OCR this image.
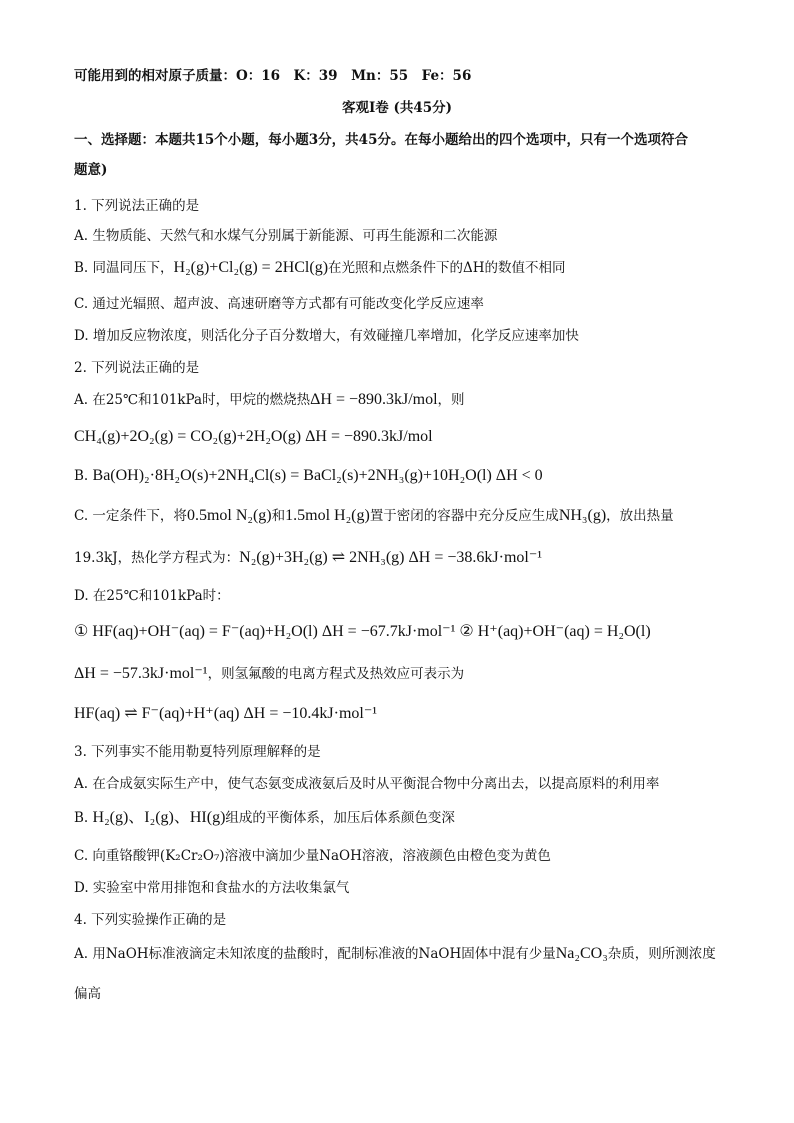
可能用到的相对原子质量：O：16　K：39　Mn：55　Fe：56
客观Ⅰ卷 (共45分)
一、选择题：本题共15个小题，每小题3分，共45分。在每小题给出的四个选项中，只有一个选项符合
题意)
1. 下列说法正确的是
A. 生物质能、天然气和水煤气分别属于新能源、可再生能源和二次能源
B. 同温同压下，H₂(g)+Cl₂(g) = 2HCl(g)在光照和点燃条件下的ΔH的数值不相同
C. 通过光辐照、超声波、高速研磨等方式都有可能改变化学反应速率
D. 增加反应物浓度，则活化分子百分数增大，有效碰撞几率增加，化学反应速率加快
2. 下列说法正确的是
A. 在25℃和101kPa时，甲烷的燃烧热ΔH = −890.3kJ/mol，则
CH₄(g)+2O₂(g) = CO₂(g)+2H₂O(g) ΔH = −890.3kJ/mol
B. Ba(OH)₂·8H₂O(s)+2NH₄Cl(s) = BaCl₂(s)+2NH₃(g)+10H₂O(l) ΔH < 0
C. 一定条件下，将0.5mol N₂(g)和1.5mol H₂(g)置于密闭的容器中充分反应生成NH₃(g)，放出热量
19.3kJ，热化学方程式为：N₂(g)+3H₂(g) ⇌ 2NH₃(g) ΔH = −38.6kJ·mol⁻¹
D. 在25℃和101kPa时：
① HF(aq)+OH⁻(aq) = F⁻(aq)+H₂O(l) ΔH = −67.7kJ·mol⁻¹ ② H⁺(aq)+OH⁻(aq) = H₂O(l)
ΔH = −57.3kJ·mol⁻¹，则氢氟酸的电离方程式及热效应可表示为
HF(aq) ⇌ F⁻(aq)+H⁺(aq) ΔH = −10.4kJ·mol⁻¹
3. 下列事实不能用勒夏特列原理解释的是
A. 在合成氨实际生产中，使气态氨变成液氨后及时从平衡混合物中分离出去，以提高原料的利用率
B. H₂(g)、I₂(g)、HI(g)组成的平衡体系，加压后体系颜色变深
C. 向重铬酸钾(K₂Cr₂O₇)溶液中滴加少量NaOH溶液，溶液颜色由橙色变为黄色
D. 实验室中常用排饱和食盐水的方法收集氯气
4. 下列实验操作正确的是
A. 用NaOH标准液滴定未知浓度的盐酸时，配制标准液的NaOH固体中混有少量Na₂CO₃杂质，则所测浓度
偏高
